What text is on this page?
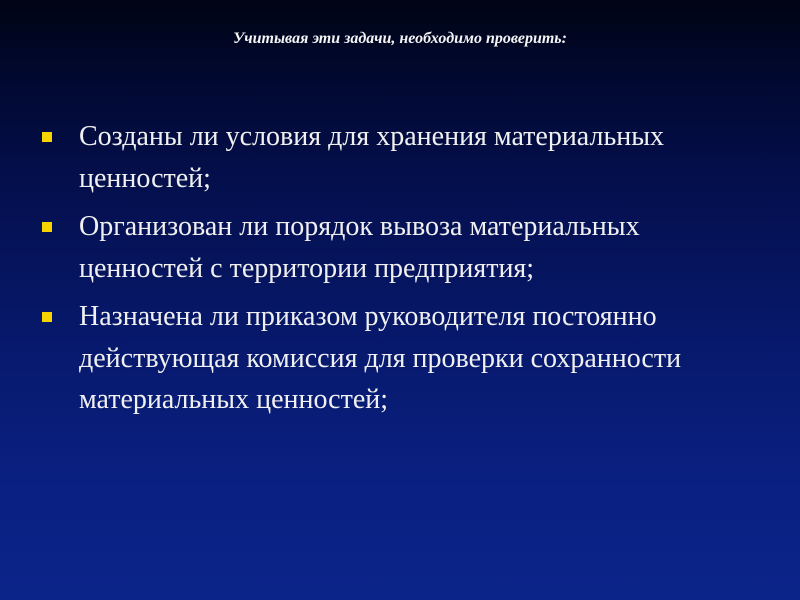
Учитывая эти задачи, необходимо проверить:
Созданы ли условия для хранения материальных ценностей;
Организован ли порядок вывоза материальных ценностей с территории предприятия;
Назначена ли приказом руководителя постоянно действующая комиссия для проверки сохранности материальных ценностей;
